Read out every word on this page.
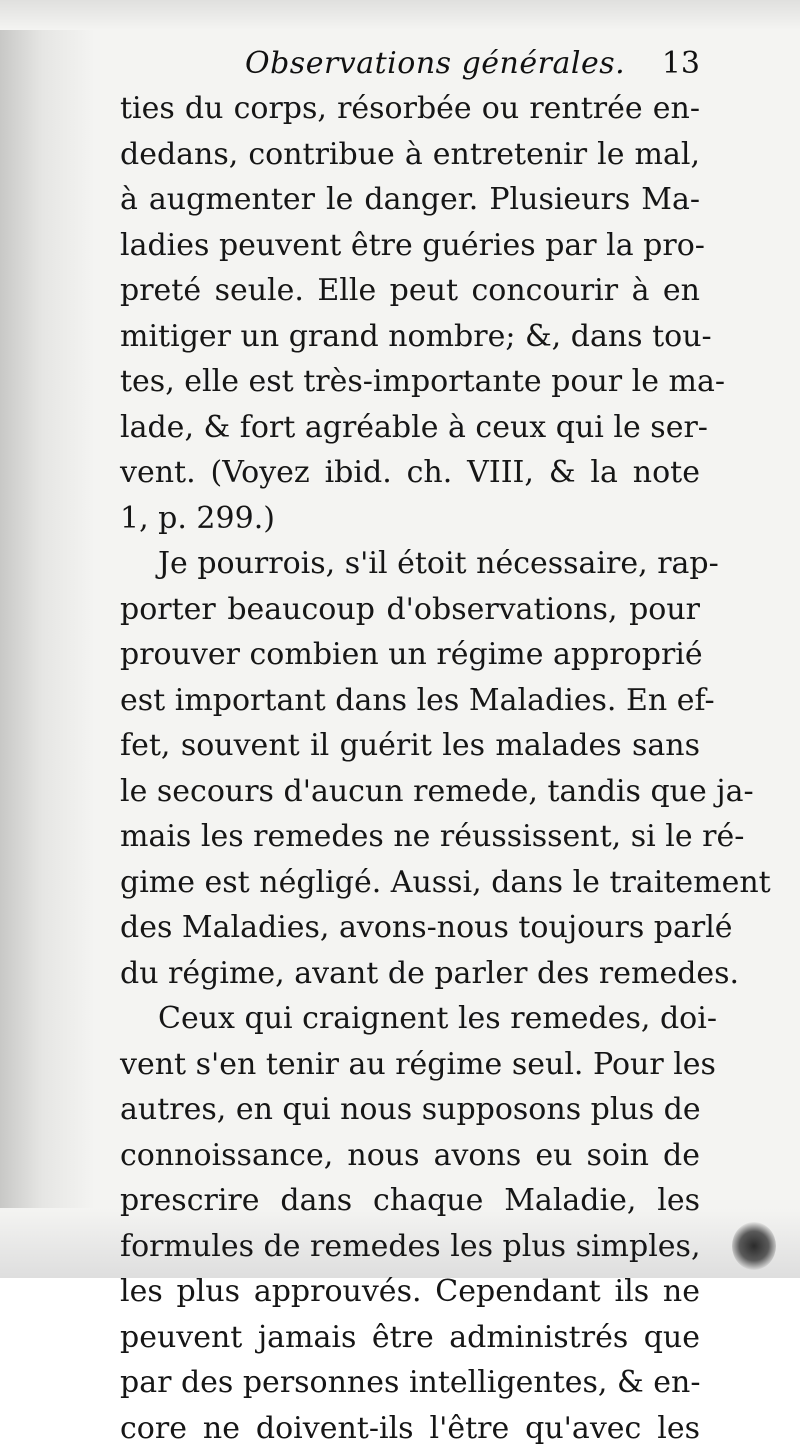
Observations générales. 13
ties du corps, résorbée ou rentrée en-
dedans, contribue à entretenir le mal,
à augmenter le danger. Plusieurs Ma-
ladies peuvent être guéries par la pro-
preté seule. Elle peut concourir à en
mitiger un grand nombre; &, dans tou-
tes, elle est très-importante pour le ma-
lade, & fort agréable à ceux qui le ser-
vent. (Voyez ibid. ch. VIII, & la note
1, p. 299.)
Je pourrois, s'il étoit nécessaire, rap-
porter beaucoup d'observations, pour
prouver combien un régime approprié
est important dans les Maladies. En ef-
fet, souvent il guérit les malades sans
le secours d'aucun remede, tandis que ja-
mais les remedes ne réussissent, si le ré-
gime est négligé. Aussi, dans le traitement
des Maladies, avons-nous toujours parlé
du régime, avant de parler des remedes.
Ceux qui craignent les remedes, doi-
vent s'en tenir au régime seul. Pour les
autres, en qui nous supposons plus de
connoissance, nous avons eu soin de
prescrire dans chaque Maladie, les
formules de remedes les plus simples,
les plus approuvés. Cependant ils ne
peuvent jamais être administrés que
par des personnes intelligentes, & en-
core ne doivent-ils l'être qu'avec les
